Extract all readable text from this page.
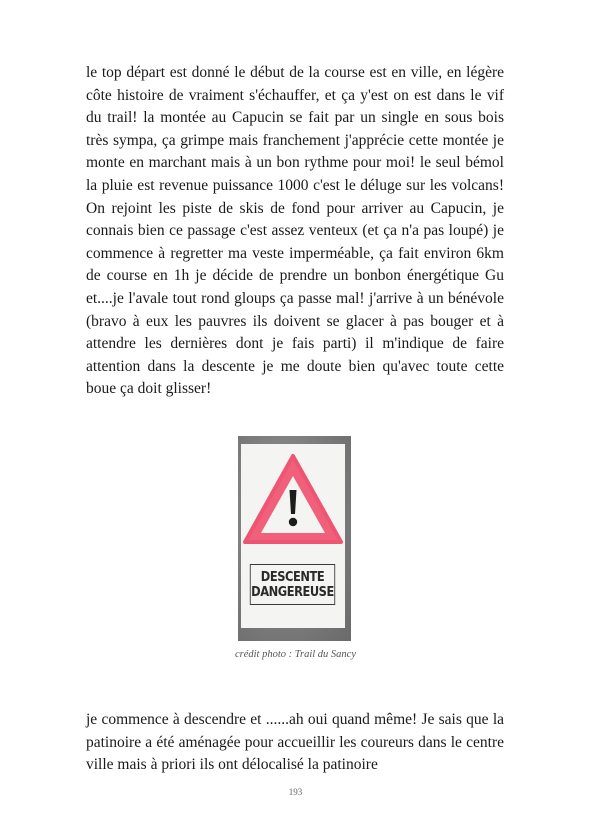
le top départ est donné le début de la course est en ville, en légère côte histoire de vraiment s'échauffer, et ça y'est on est dans le vif du trail! la montée au Capucin se fait par un single en sous bois très sympa, ça grimpe mais franchement j'apprécie cette montée je monte en marchant mais à un bon rythme pour moi! le seul bémol la pluie est revenue puissance 1000 c'est le déluge sur les volcans! On rejoint les piste de skis de fond pour arriver au Capucin, je connais bien ce passage c'est assez venteux (et ça n'a pas loupé) je commence à regretter ma veste imperméable, ça fait environ 6km de course en 1h je décide de prendre un bonbon énergétique Gu et....je l'avale tout rond gloups ça passe mal! j'arrive à un bénévole (bravo à eux les pauvres ils doivent se glacer à pas bouger et à attendre les dernières dont je fais parti) il m'indique de faire attention dans la descente je me doute bien qu'avec toute cette boue ça doit glisser!

DESCENTE
DANGEREUSE
crédit photo : Trail du Sancy

je commence à descendre et ......ah oui quand même! Je sais que la patinoire a été aménagée pour accueillir les coureurs dans le centre ville mais à priori ils ont délocalisé la patinoire

193
